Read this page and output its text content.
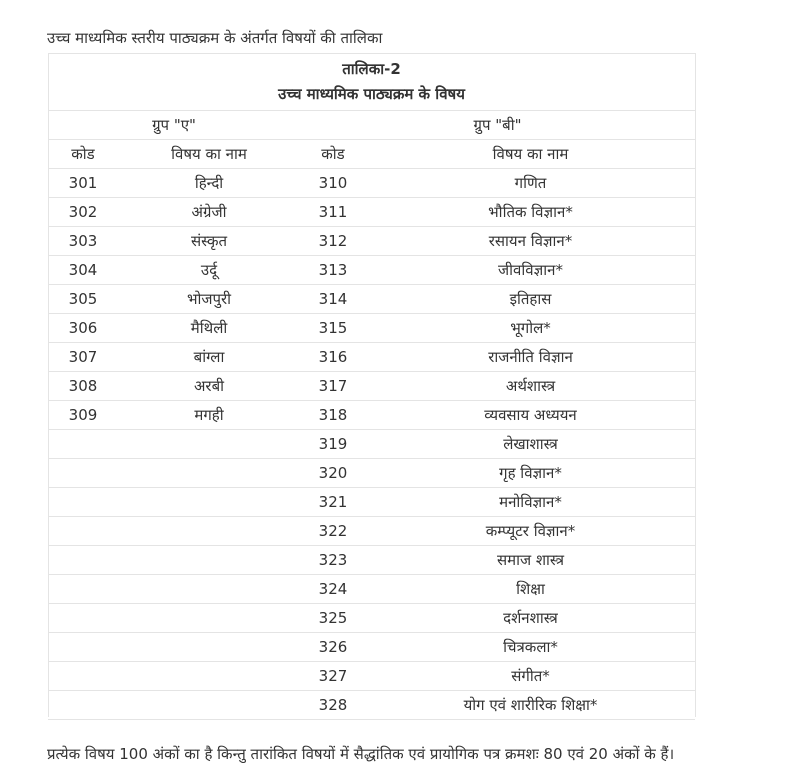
उच्च माध्यमिक स्तरीय पाठ्यक्रम के अंतर्गत विषयों की तालिका
तालिका-2
उच्च माध्यमिक पाठ्यक्रम के विषय			

ग्रुप "ए"		ग्रुप "बी"	
कोड	विषय का नाम	कोड	विषय का नाम
301	हिन्दी	310	गणित
302	अंग्रेजी	311	भौतिक विज्ञान*
303	संस्कृत	312	रसायन विज्ञान*
304	उर्दू	313	जीवविज्ञान*
305	भोजपुरी	314	इतिहास
306	मैथिली	315	भूगोल*
307	बांग्ला	316	राजनीति विज्ञान
308	अरबी	317	अर्थशास्त्र
309	मगही	318	व्यवसाय अध्ययन
		319	लेखाशास्त्र
		320	गृह विज्ञान*
		321	मनोविज्ञान*
		322	कम्प्यूटर विज्ञान*
		323	समाज शास्त्र
		324	शिक्षा
		325	दर्शनशास्त्र
		326	चित्रकला*
		327	संगीत*
		328	योग एवं शारीरिक शिक्षा*
प्रत्येक विषय 100 अंकों का है किन्तु तारांकित विषयों में सैद्धांतिक एवं प्रायोगिक पत्र क्रमशः 80 एवं 20 अंकों के हैं।
